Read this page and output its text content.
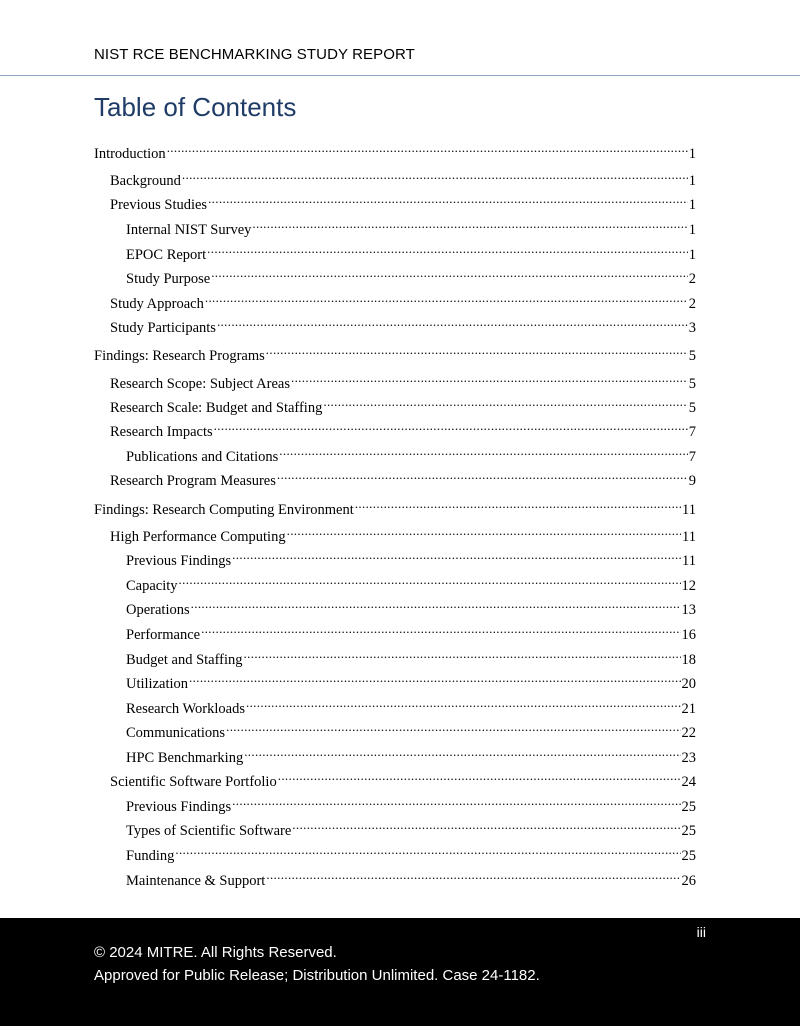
NIST RCE BENCHMARKING STUDY REPORT
Table of Contents
Introduction .....	1
Background .....	1
Previous Studies .....	1
Internal NIST Survey .....	1
EPOC Report .....	1
Study Purpose .....	2
Study Approach .....	2
Study Participants .....	3
Findings: Research Programs .....	5
Research Scope: Subject Areas .....	5
Research Scale: Budget and Staffing .....	5
Research Impacts .....	7
Publications and Citations .....	7
Research Program Measures .....	9
Findings: Research Computing Environment .....	11
High Performance Computing .....	11
Previous Findings .....	11
Capacity .....	12
Operations .....	13
Performance .....	16
Budget and Staffing .....	18
Utilization .....	20
Research Workloads .....	21
Communications .....	22
HPC Benchmarking .....	23
Scientific Software Portfolio .....	24
Previous Findings .....	25
Types of Scientific Software .....	25
Funding .....	25
Maintenance & Support .....	26
iii
© 2024 MITRE. All Rights Reserved.
Approved for Public Release; Distribution Unlimited. Case 24-1182.
